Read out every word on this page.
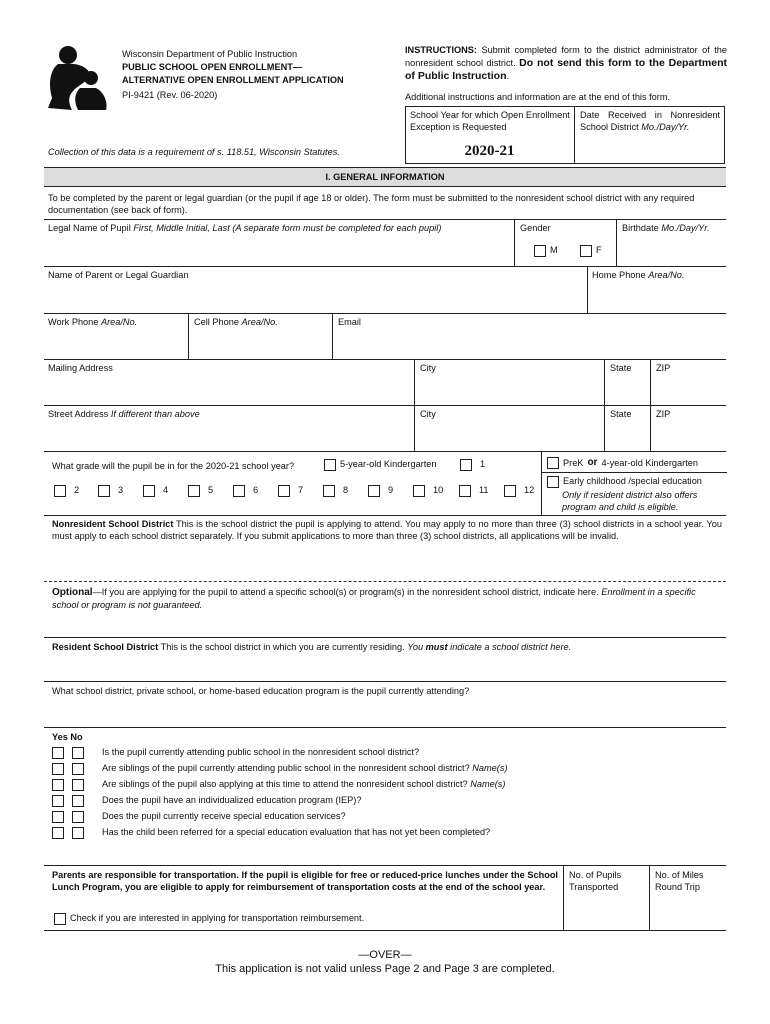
Wisconsin Department of Public Instruction
PUBLIC SCHOOL OPEN ENROLLMENT—
ALTERNATIVE OPEN ENROLLMENT APPLICATION
PI-9421 (Rev. 06-2020)
INSTRUCTIONS: Submit completed form to the district administrator of the nonresident school district. Do not send this form to the Department of Public Instruction.
Additional instructions and information are at the end of this form.
School Year for which Open Enrollment Exception is Requested
2020-21
Date Received in Nonresident School District Mo./Day/Yr.
Collection of this data is a requirement of s. 118.51, Wisconsin Statutes.
I. GENERAL INFORMATION
To be completed by the parent or legal guardian (or the pupil if age 18 or older). The form must be submitted to the nonresident school district with any required documentation (see back of form).
Legal Name of Pupil First, Middle Initial, Last (A separate form must be completed for each pupil)	Gender
M	F
Birthdate Mo./Day/Yr.
Name of Parent or Legal Guardian	Home Phone Area/No.
Work Phone Area/No.	Cell Phone Area/No.	Email
Mailing Address	City	State	ZIP
Street Address If different than above	City	State	ZIP
What grade will the pupil be in for the 2020-21 school year?	5-year-old Kindergarten	1	PreK or 4-year-old Kindergarten
2	3	4	5	6	7	8	9	10	11	12
Early childhood /special education
Only if resident district also offers program and child is eligible.
Nonresident School District This is the school district the pupil is applying to attend. You may apply to no more than three (3) school districts in a school year. You must apply to each school district separately. If you submit applications to more than three (3) school districts, all applications will be invalid.
Optional—If you are applying for the pupil to attend a specific school(s) or program(s) in the nonresident school district, indicate here. Enrollment in a specific school or program is not guaranteed.
Resident School District This is the school district in which you are currently residing. You must indicate a school district here.
What school district, private school, or home-based education program is the pupil currently attending?
Yes No
Is the pupil currently attending public school in the nonresident school district?
Are siblings of the pupil currently attending public school in the nonresident school district? Name(s)
Are siblings of the pupil also applying at this time to attend the nonresident school district? Name(s)
Does the pupil have an individualized education program (IEP)?
Does the pupil currently receive special education services?
Has the child been referred for a special education evaluation that has not yet been completed?
Parents are responsible for transportation. If the pupil is eligible for free or reduced-price lunches under the School Lunch Program, you are eligible to apply for reimbursement of transportation costs at the end of the school year.
Check if you are interested in applying for transportation reimbursement.
No. of Pupils Transported
No. of Miles Round Trip
—OVER—
This application is not valid unless Page 2 and Page 3 are completed.
